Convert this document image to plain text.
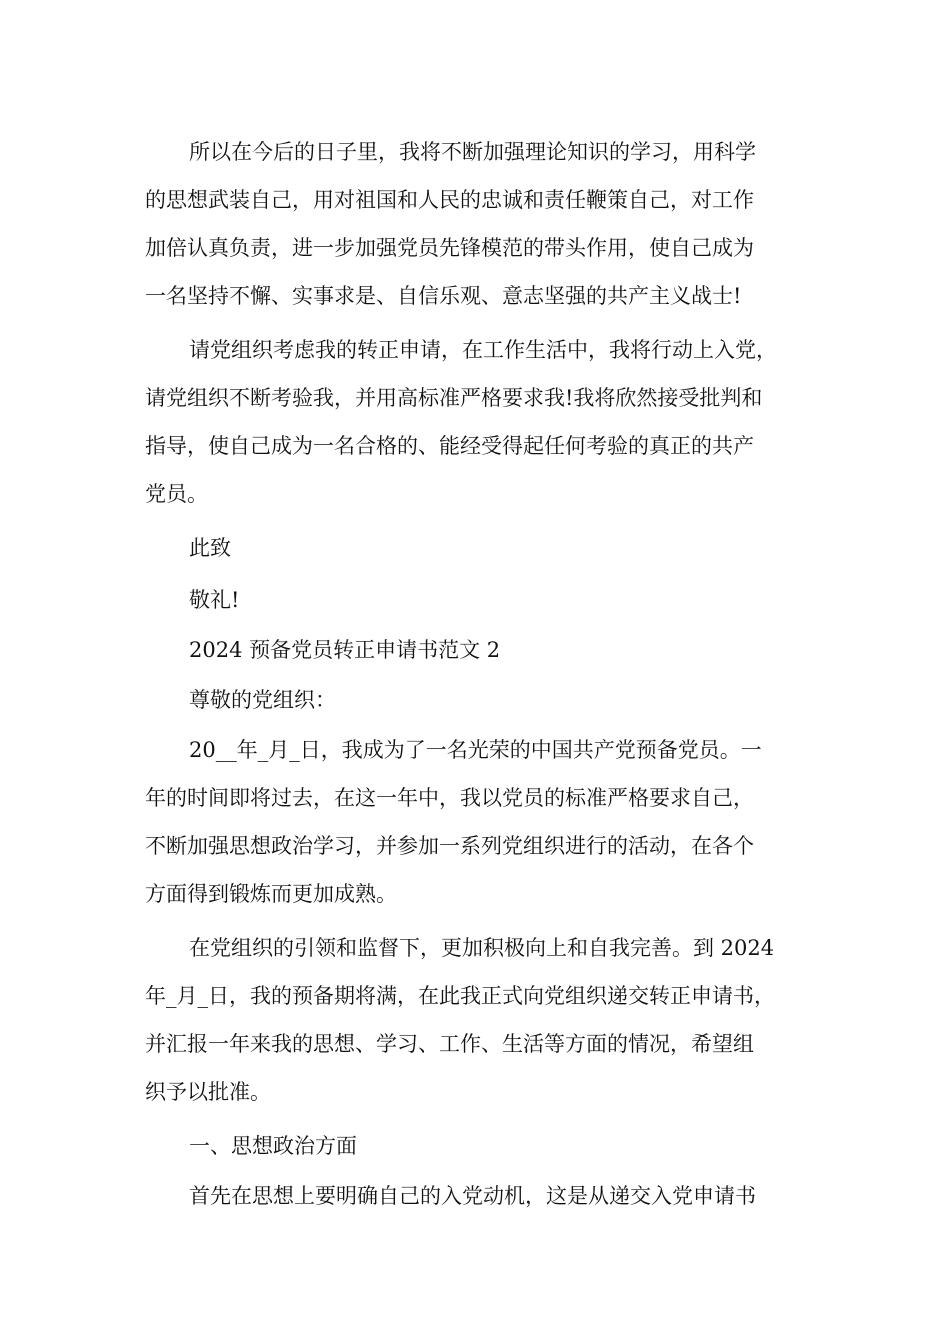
所以在今后的日子里，我将不断加强理论知识的学习，用科学

的思想武装自己，用对祖国和人民的忠诚和责任鞭策自己，对工作

加倍认真负责，进一步加强党员先锋模范的带头作用，使自己成为

一名坚持不懈、实事求是、自信乐观、意志坚强的共产主义战士!

请党组织考虑我的转正申请，在工作生活中，我将行动上入党，

请党组织不断考验我，并用高标准严格要求我!我将欣然接受批判和

指导，使自己成为一名合格的、能经受得起任何考验的真正的共产

党员。

此致

敬礼!

2024 预备党员转正申请书范文 2

尊敬的党组织：

20__年_月_日，我成为了一名光荣的中国共产党预备党员。一

年的时间即将过去，在这一年中，我以党员的标准严格要求自己，

不断加强思想政治学习，并参加一系列党组织进行的活动，在各个

方面得到锻炼而更加成熟。

在党组织的引领和监督下，更加积极向上和自我完善。到 2024

年_月_日，我的预备期将满，在此我正式向党组织递交转正申请书，

并汇报一年来我的思想、学习、工作、生活等方面的情况，希望组

织予以批准。

一、思想政治方面

首先在思想上要明确自己的入党动机，这是从递交入党申请书
